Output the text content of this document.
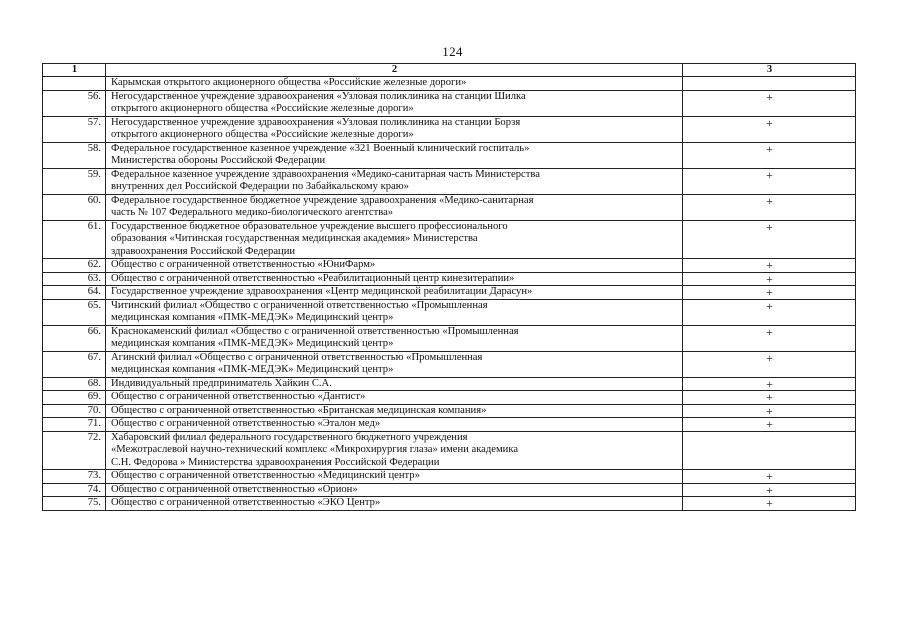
124
1	2	3

	Карымская открытого акционерного общества «Российские железные дороги»	

56.	Негосударственное учреждение здравоохранения «Узловая поликлиника на станции Шилка
открытого акционерного общества «Российские железные дороги»	+
57.	Негосударственное учреждение здравоохранения «Узловая поликлиника на станции Борзя
открытого акционерного общества «Российские железные дороги»	+
58.	Федеральное государственное казенное учреждение «321 Военный клинический госпиталь»
Министерства обороны Российской Федерации	+
59.	Федеральное казенное учреждение здравоохранения «Медико-санитарная часть Министерства
внутренних дел Российской Федерации по Забайкальскому краю»	+
60.	Федеральное государственное бюджетное учреждение здравоохранения «Медико-санитарная
часть № 107 Федерального медико-биологического агентства»	+
61.	Государственное бюджетное образовательное учреждение высшего профессионального
образования «Читинская государственная медицинская академия» Министерства
здравоохранения Российской Федерации	+
62.	Общество с ограниченной ответственностью «ЮниФарм»	+
63.	Общество с ограниченной ответственностью «Реабилитационный центр кинезитерапии»	+
64.	Государственное учреждение здравоохранения «Центр медицинской реабилитации Дарасун»	+
65.	Читинский филиал «Общество с ограниченной ответственностью «Промышленная
медицинская компания «ПМК-МЕДЭК» Медицинский центр»	+
66.	Краснокаменский филиал «Общество с ограниченной ответственностью «Промышленная
медицинская компания «ПМК-МЕДЭК» Медицинский центр»	+
67.	Агинский филиал «Общество с ограниченной ответственностью «Промышленная
медицинская компания «ПМК-МЕДЭК» Медицинский центр»	+
68.	Индивидуальный предприниматель Хайкин С.А.	+
69.	Общество с ограниченной ответственностью «Дантист»	+
70.	Общество с ограниченной ответственностью «Британская медицинская компания»	+
71.	Общество с ограниченной ответственностью «Эталон мед»	+
72.	Хабаровский филиал федерального государственного бюджетного учреждения
«Межотраслевой научно-технический комплекс «Микрохирургия глаза» имени академика
С.Н. Федорова » Министерства здравоохранения Российской Федерации	

73.	Общество с ограниченной ответственностью «Медицинский центр»	+
74.	Общество с ограниченной ответственностью «Орион»	+
75.	Общество с ограниченной ответственностью «ЭКО Центр»	+
